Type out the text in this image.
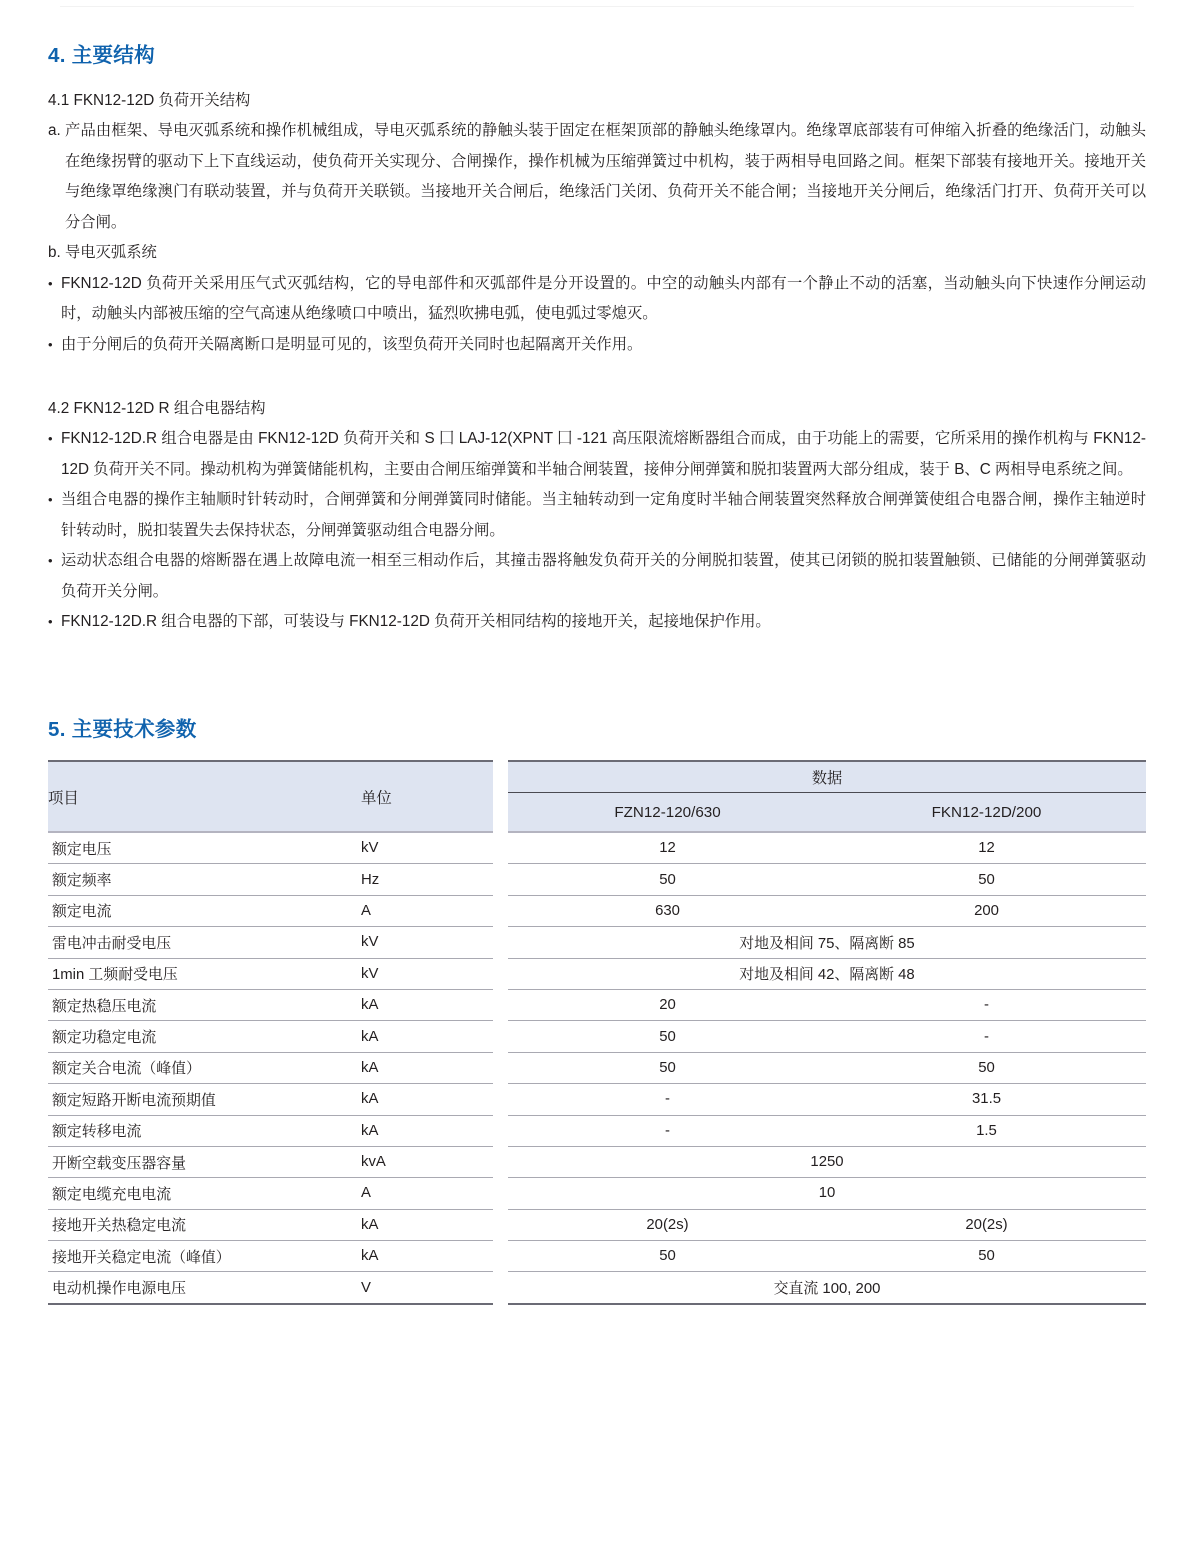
4. 主要结构
4.1 FKN12-12D 负荷开关结构
a. 产品由框架、导电灭弧系统和操作机械组成，导电灭弧系统的静触头装于固定在框架顶部的静触头绝缘罩内。绝缘罩底部装有可伸缩入折叠的绝缘活门，动触头在绝缘拐臂的驱动下上下直线运动，使负荷开关实现分、合闸操作，操作机械为压缩弹簧过中机构，装于两相导电回路之间。框架下部装有接地开关。接地开关与绝缘罩绝缘澳门有联动装置，并与负荷开关联锁。当接地开关合闸后，绝缘活门关闭、负荷开关不能合闸；当接地开关分闸后，绝缘活门打开、负荷开关可以分合闸。
b. 导电灭弧系统
• FKN12-12D 负荷开关采用压气式灭弧结构，它的导电部件和灭弧部件是分开设置的。中空的动触头内部有一个静止不动的活塞，当动触头向下快速作分闸运动时，动触头内部被压缩的空气高速从绝缘喷口中喷出，猛烈吹拂电弧，使电弧过零熄灭。
• 由于分闸后的负荷开关隔离断口是明显可见的，该型负荷开关同时也起隔离开关作用。
4.2 FKN12-12D R 组合电器结构
• FKN12-12D.R 组合电器是由 FKN12-12D 负荷开关和 S 囗 LAJ-12(XPNT 囗 -121 高压限流熔断器组合而成，由于功能上的需要，它所采用的操作机构与 FKN12-12D 负荷开关不同。操动机构为弹簧储能机构，主要由合闸压缩弹簧和半轴合闸装置，接伸分闸弹簧和脱扣装置两大部分组成，装于 B、C 两相导电系统之间。
• 当组合电器的操作主轴顺时针转动时，合闸弹簧和分闸弹簧同时储能。当主轴转动到一定角度时半轴合闸装置突然释放合闸弹簧使组合电器合闸，操作主轴逆时针转动时，脱扣装置失去保持状态，分闸弹簧驱动组合电器分闸。
• 运动状态组合电器的熔断器在遇上故障电流一相至三相动作后，其撞击器将触发负荷开关的分闸脱扣装置，使其已闭锁的脱扣装置触锁、已储能的分闸弹簧驱动负荷开关分闸。
• FKN12-12D.R 组合电器的下部，可装设与 FKN12-12D 负荷开关相同结构的接地开关，起接地保护作用。
5. 主要技术参数
项目	单位		数据	
			FZN12-120/630	FKN12-12D/200
额定电压	kV		12	12
额定频率	Hz		50	50
额定电流	A		630	200
雷电冲击耐受电压	kV		对地及相间 75、隔离断 85	
1min 工频耐受电压	kV		对地及相间 42、隔离断 48	
额定热稳压电流	kA		20	-
额定功稳定电流	kA		50	-
额定关合电流（峰值）	kA		50	50
额定短路开断电流预期值	kA		-	31.5
额定转移电流	kA		-	1.5
开断空载变压器容量	kvA		1250	
额定电缆充电电流	A		10	
接地开关热稳定电流	kA		20(2s)	20(2s)
接地开关稳定电流（峰值）	kA		50	50
电动机操作电源电压	V		交直流 100, 200	
